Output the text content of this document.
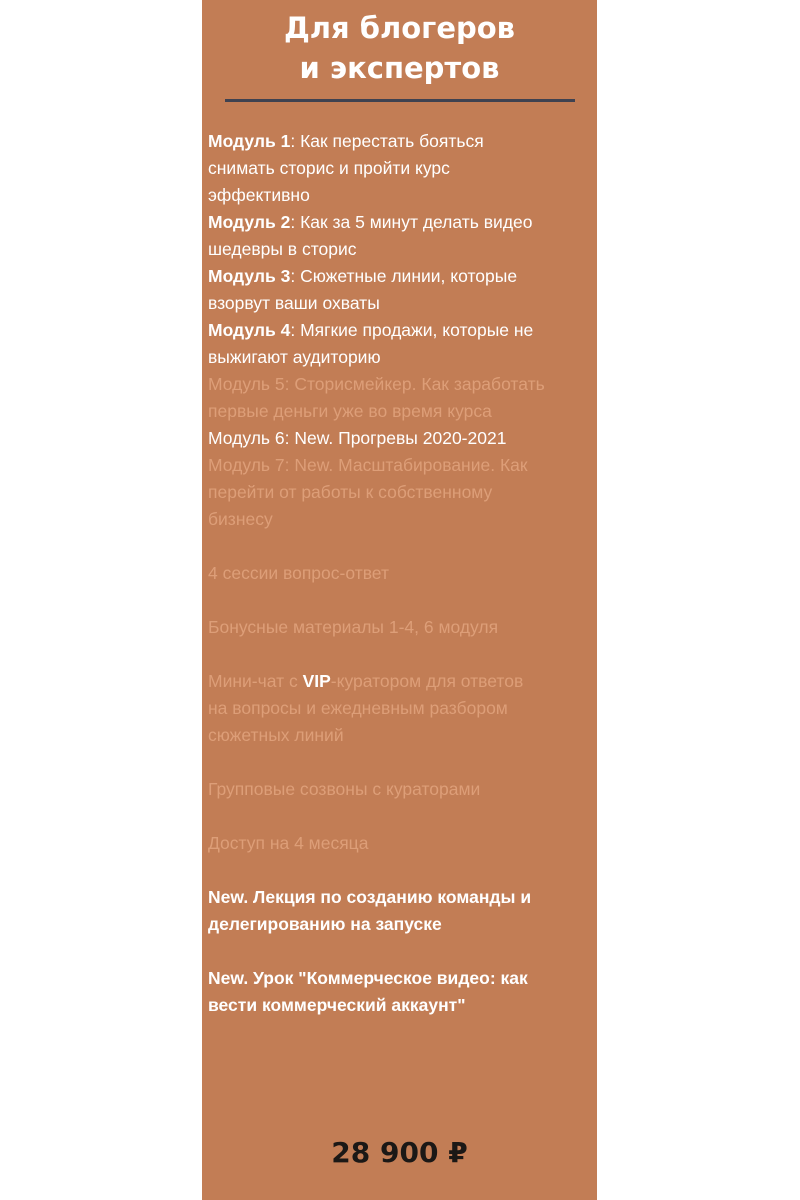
Для блогеров
и экспертов
Модуль 1: Как перестать бояться
снимать сторис и пройти курс
эффективно
Модуль 2: Как за 5 минут делать видео
шедевры в сторис
Модуль 3: Сюжетные линии, которые
взорвут ваши охваты
Модуль 4: Мягкие продажи, которые не
выжигают аудиторию
Модуль 5: Сторисмейкер. Как заработать
первые деньги уже во время курса
Модуль 6: New. Прогревы 2020-2021
Модуль 7: New. Масштабирование. Как
перейти от работы к собственному
бизнесу
4 сессии вопрос-ответ
Бонусные материалы 1-4, 6 модуля
Мини-чат с VIP-куратором для ответов
на вопросы и ежедневным разбором
сюжетных линий
Групповые созвоны с кураторами
Доступ на 4 месяца
New. Лекция по созданию команды и
делегированию на запуске
New. Урок "Коммерческое видео: как
вести коммерческий аккаунт"
28 900 ₽
